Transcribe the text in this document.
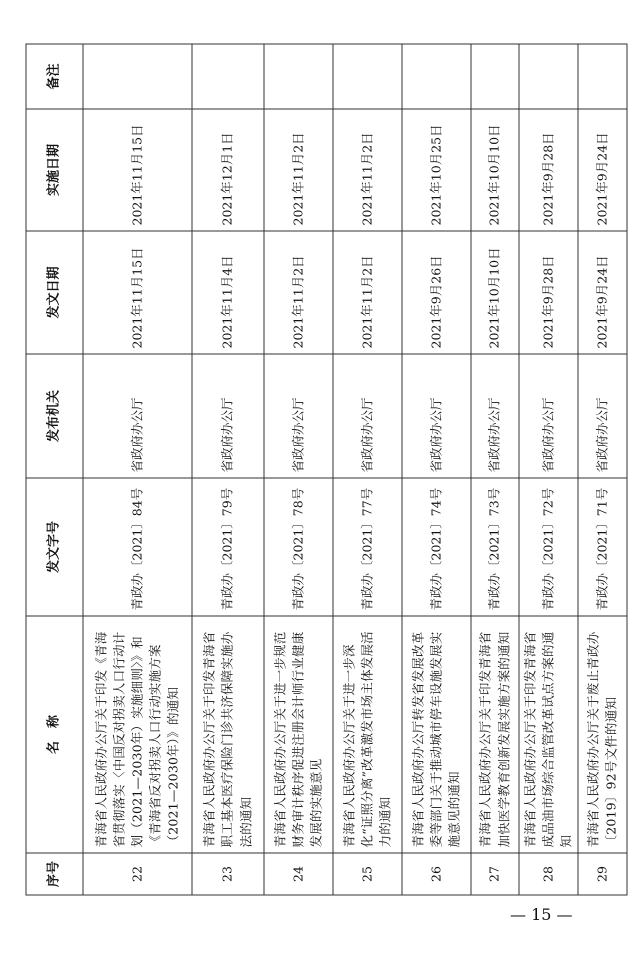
序号	名　称	发文字号	发布机关	发文日期	实施日期	备注
22	青海省人民政府办公厅关于印发《青海省贯彻落实〈中国反对拐卖人口行动计划（2021—2030年）实施细则〉》和《青海省反对拐卖人口行动实施方案（2021—2030年）》的通知	青政办〔2021〕84号	省政府办公厅	2021年11月15日	2021年11月15日	
23	青海省人民政府办公厅关于印发青海省职工基本医疗保险门诊共济保障实施办法的通知	青政办〔2021〕79号	省政府办公厅	2021年11月4日	2021年12月1日	
24	青海省人民政府办公厅关于进一步规范财务审计秩序促进注册会计师行业健康发展的实施意见	青政办〔2021〕78号	省政府办公厅	2021年11月2日	2021年11月2日	
25	青海省人民政府办公厅关于进一步深化“证照分离”改革激发市场主体发展活力的通知	青政办〔2021〕77号	省政府办公厅	2021年11月2日	2021年11月2日	
26	青海省人民政府办公厅转发省发展改革委等部门关于推动城市停车设施发展实施意见的通知	青政办〔2021〕74号	省政府办公厅	2021年9月26日	2021年10月25日	
27	青海省人民政府办公厅关于印发青海省加快医学教育创新发展实施方案的通知	青政办〔2021〕73号	省政府办公厅	2021年10月10日	2021年10月10日	
28	青海省人民政府办公厅关于印发青海省成品油市场综合监管改革试点方案的通知	青政办〔2021〕72号	省政府办公厅	2021年9月28日	2021年9月28日	
29	青海省人民政府办公厅关于废止青政办〔2019〕92号文件的通知	青政办〔2021〕71号	省政府办公厅	2021年9月24日	2021年9月24日	
— 15 —
